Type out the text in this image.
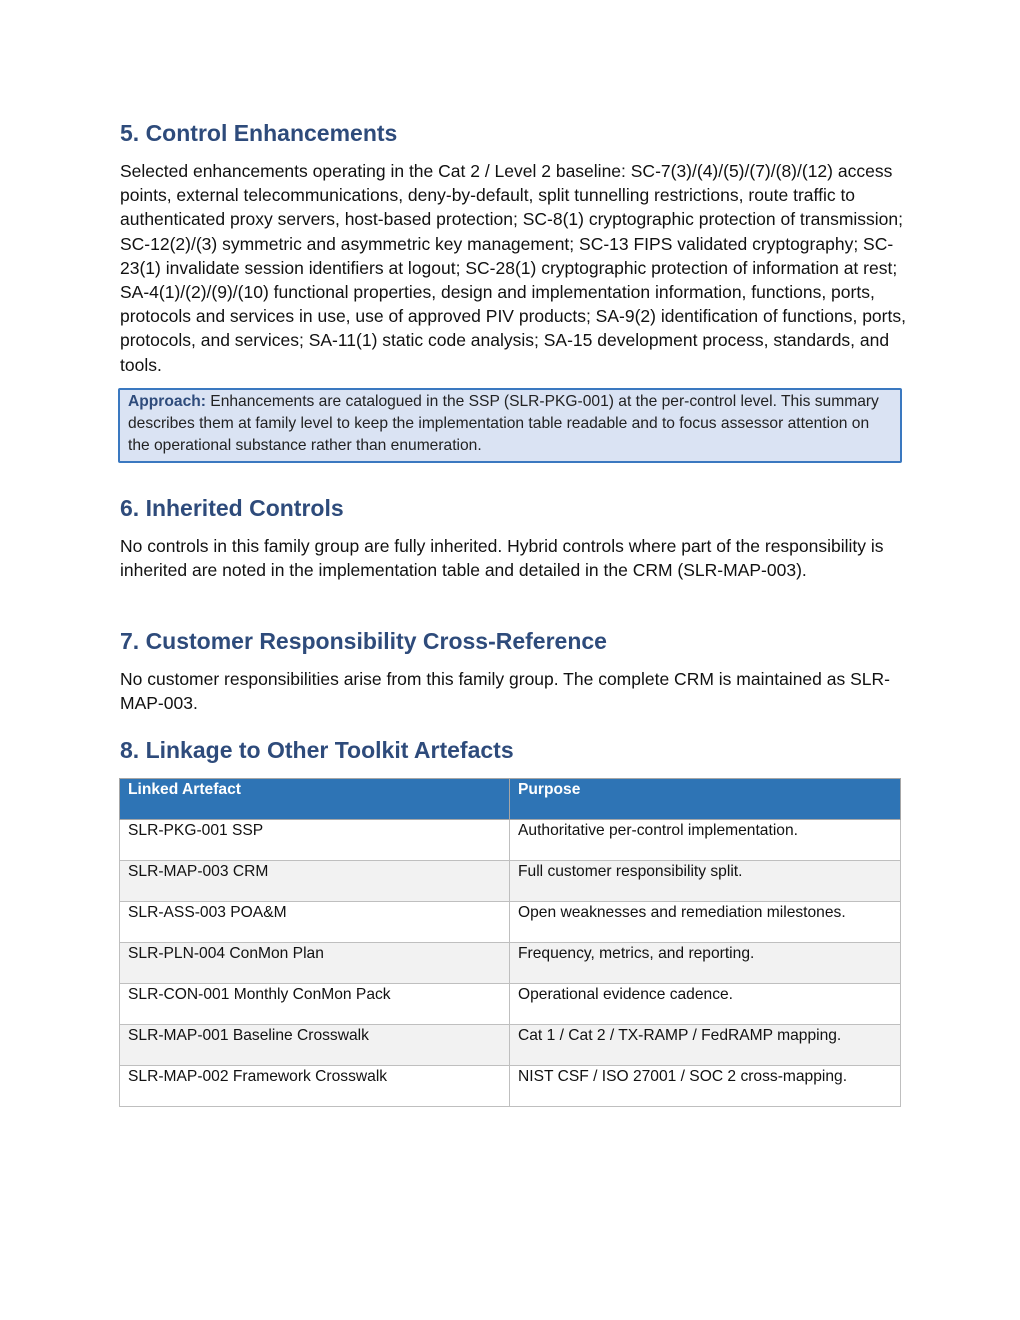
5. Control Enhancements

Selected enhancements operating in the Cat 2 / Level 2 baseline: SC-7(3)/(4)/(5)/(7)/(8)/(12) access points, external telecommunications, deny-by-default, split tunnelling restrictions, route traffic to authenticated proxy servers, host-based protection; SC-8(1) cryptographic protection of transmission; SC-12(2)/(3) symmetric and asymmetric key management; SC-13 FIPS validated cryptography; SC-23(1) invalidate session identifiers at logout; SC-28(1) cryptographic protection of information at rest; SA-4(1)/(2)/(9)/(10) functional properties, design and implementation information, functions, ports, protocols and services in use, use of approved PIV products; SA-9(2) identification of functions, ports, protocols, and services; SA-11(1) static code analysis; SA-15 development process, standards, and tools.

Approach: Enhancements are catalogued in the SSP (SLR-PKG-001) at the per-control level. This summary describes them at family level to keep the implementation table readable and to focus assessor attention on the operational substance rather than enumeration.
6. Inherited Controls

No controls in this family group are fully inherited. Hybrid controls where part of the responsibility is inherited are noted in the implementation table and detailed in the CRM (SLR-MAP-003).

7. Customer Responsibility Cross-Reference

No customer responsibilities arise from this family group. The complete CRM is maintained as SLR-MAP-003.

8. Linkage to Other Toolkit Artefacts
Linked Artefact	Purpose
SLR-PKG-001 SSP	Authoritative per-control implementation.
SLR-MAP-003 CRM	Full customer responsibility split.
SLR-ASS-003 POA&M	Open weaknesses and remediation milestones.
SLR-PLN-004 ConMon Plan	Frequency, metrics, and reporting.
SLR-CON-001 Monthly ConMon Pack	Operational evidence cadence.
SLR-MAP-001 Baseline Crosswalk	Cat 1 / Cat 2 / TX-RAMP / FedRAMP mapping.
SLR-MAP-002 Framework Crosswalk	NIST CSF / ISO 27001 / SOC 2 cross-mapping.
